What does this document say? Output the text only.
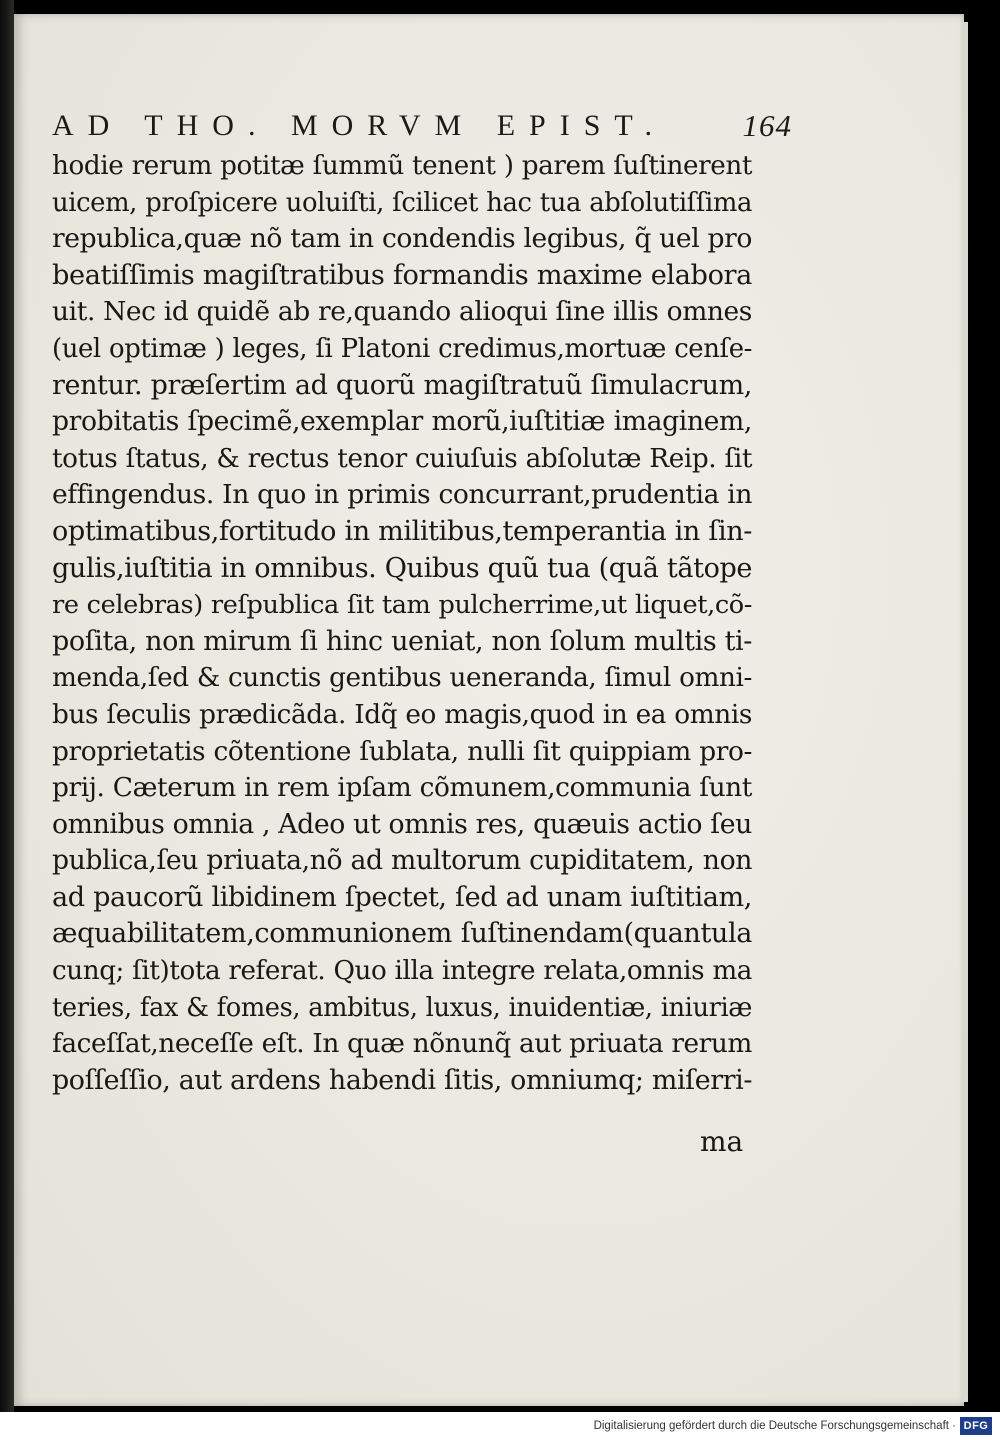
AD THO. MORVM EPIST. 164
hodie rerum potitæ ſummũ tenent ) parem ſuſtinerent
uicem, proſpicere uoluiſti, ſcilicet hac tua abſolutiſſima
republica,quæ nõ tam in condendis legibus, q̃ uel pro
beatiſſimis magiſtratibus formandis maxime elabora
uit. Nec id quidẽ ab re,quando alioqui ſine illis omnes
(uel optimæ ) leges, ſi Platoni credimus,mortuæ cenſe-
rentur. præſertim ad quorũ magiſtratuũ ſimulacrum,
probitatis ſpecimẽ,exemplar morũ,iuſtitiæ imaginem,
totus ſtatus, & rectus tenor cuiuſuis abſolutæ Reip. ſit
effingendus. In quo in primis concurrant,prudentia in
optimatibus,fortitudo in militibus,temperantia in ſin-
gulis,iuſtitia in omnibus. Quibus quũ tua (quã tãtope
re celebras) reſpublica ſit tam pulcherrime,ut liquet,cõ-
poſita, non mirum ſi hinc ueniat, non ſolum multis ti-
menda,ſed & cunctis gentibus ueneranda, ſimul omni-
bus ſeculis prædicãda. Idq̃ eo magis,quod in ea omnis
proprietatis cõtentione ſublata, nulli ſit quippiam pro-
prij. Cæterum in rem ipſam cõmunem,communia ſunt
omnibus omnia , Adeo ut omnis res, quæuis actio ſeu
publica,ſeu priuata,nõ ad multorum cupiditatem, non
ad paucorũ libidinem ſpectet, ſed ad unam iuſtitiam,
æquabilitatem,communionem ſuſtinendam(quantula
cunq; ſit)tota referat. Quo illa integre relata,omnis ma
teries, fax & fomes, ambitus, luxus, inuidentiæ, iniuriæ
faceſſat,neceſſe eſt. In quæ nõnunq̃ aut priuata rerum
poſſeſſio, aut ardens habendi ſitis, omniumq; miſerri-
ma
Digitalisierung gefördert durch die Deutsche Forschungsgemeinschaft · DFG
